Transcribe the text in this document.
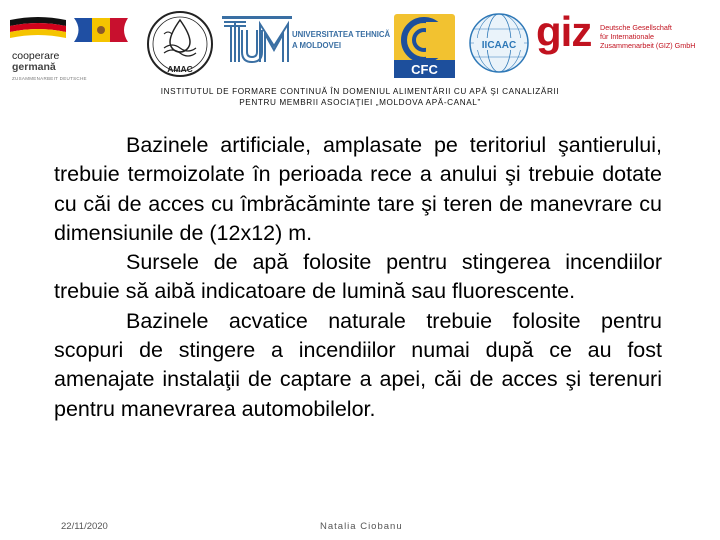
cooperare
germană
ZUSAMMENARBEIT DEUTSCHE
AMAC
UNIVERSITATEA TEHNICĂ
A MOLDOVEI
CFC
IICAAC giz Deutsche Gesellschaft
für Internationale
Zusammenarbeit (GIZ) GmbH
INSTITUTUL DE FORMARE CONTINUĂ ÎN DOMENIUL ALIMENTĂRII CU APĂ ŞI CANALIZĂRII
PENTRU MEMBRII ASOCIAŢIEI „MOLDOVA APĂ-CANAL”

Bazinele artificiale, amplasate pe teritoriul şantierului, trebuie termoizolate în perioada rece a anului şi trebuie dotate cu căi de acces cu îmbrăcăminte tare şi teren de manevrare cu dimensiunile de (12x12) m.

Sursele de apă folosite pentru stingerea incendiilor trebuie să aibă indicatoare de lumină sau fluorescente.

Bazinele acvatice naturale trebuie folosite pentru scopuri de stingere a incendiilor numai după ce au fost amenajate instalaţii de captare a apei, căi de acces şi terenuri pentru manevrarea automobilelor.

22/11/2020	Natalia Ciobanu
